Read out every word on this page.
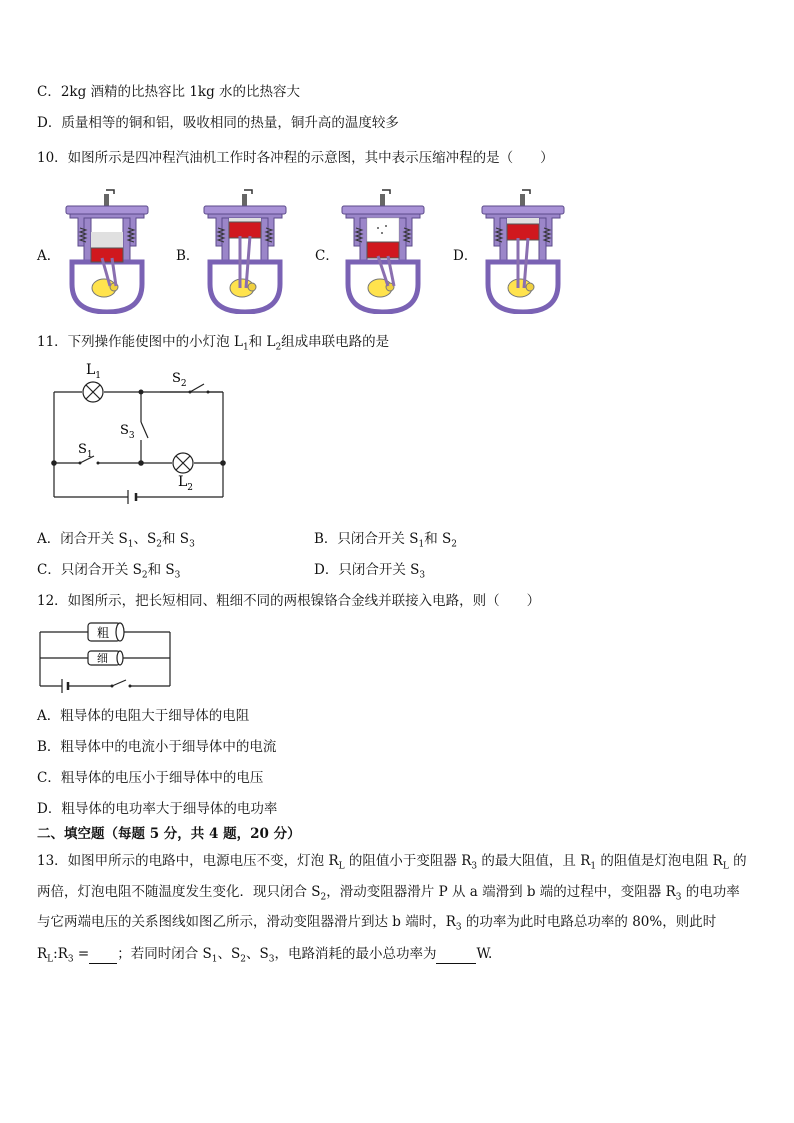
C．2kg 酒精的比热容比 1kg 水的比热容大
D．质量相等的铜和铝，吸收相同的热量，铜升高的温度较多
10．如图所示是四冲程汽油机工作时各冲程的示意图，其中表示压缩冲程的是（　　）
A．	B．	C．	D．
11．下列操作能使图中的小灯泡 $L_1$和 $L_2$组成串联电路的是
$L_1$	$S_2$
$S_3$
$S_1$
$L_2$
A．闭合开关 $S_1$、$S_2$和 $S_3$	B．只闭合开关 $S_1$和 $S_2$
C．只闭合开关 $S_2$和 $S_3$	D．只闭合开关 $S_3$
12．如图所示，把长短相同、粗细不同的两根镍铬合金线并联接入电路，则（　　）
粗
细
A．粗导体的电阻大于细导体的电阻
B．粗导体中的电流小于细导体中的电流
C．粗导体的电压小于细导体中的电压
D．粗导体的电功率大于细导体的电功率
二、填空题（每题 5 分，共 4 题，20 分）
13．如图甲所示的电路中，电源电压不变，灯泡 $R_L$ 的阻值小于变阻器 $R_3$ 的最大阻值，且 $R_1$ 的阻值是灯泡电阻 $R_L$ 的
两倍，灯泡电阻不随温度发生变化．现只闭合 $S_2$，滑动变阻器滑片 P 从 a 端滑到 b 端的过程中，变阻器 $R_3$ 的电功率
与它两端电压的关系图线如图乙所示，滑动变阻器滑片到达 b 端时，$R_3$ 的功率为此时电路总功率的 80%，则此时
$R_L:R_3$ = ；若同时闭合 $S_1$、$S_2$、$S_3$，电路消耗的最小总功率为	W.
